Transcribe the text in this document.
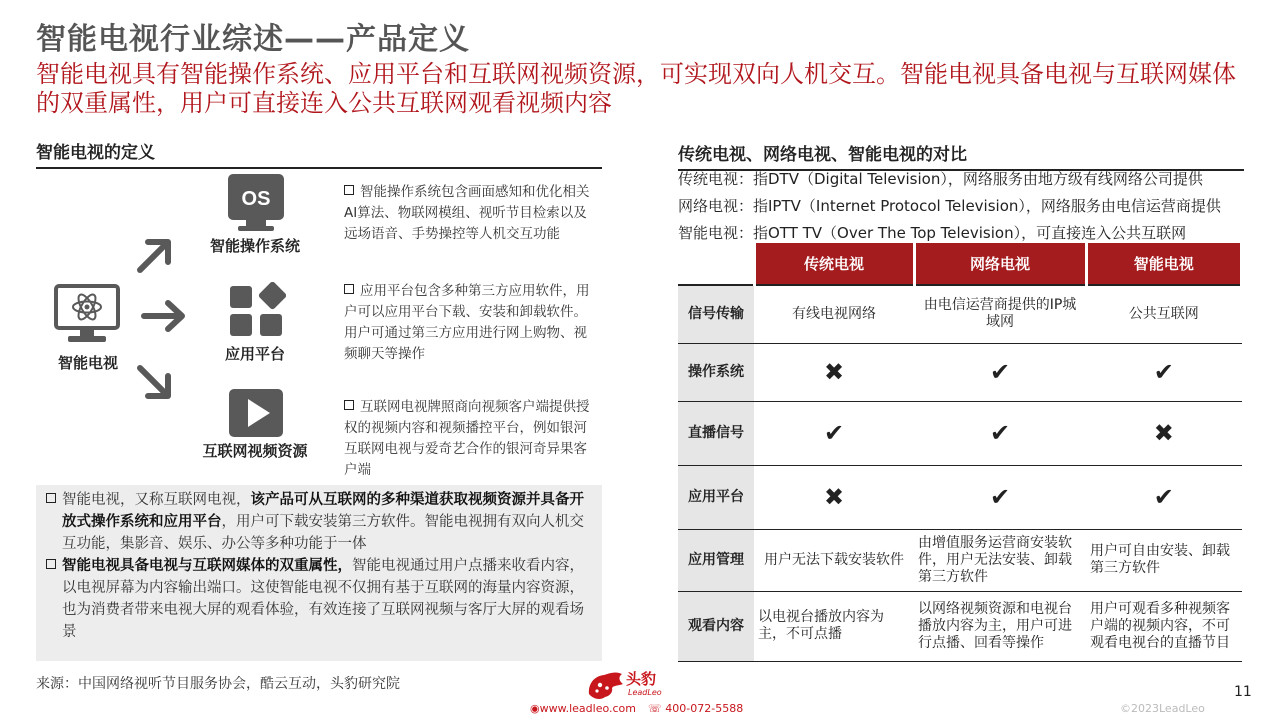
智能电视行业综述——产品定义
智能电视具有智能操作系统、应用平台和互联网视频资源，可实现双向人机交互。智能电视具备电视与互联网媒体的双重属性，用户可直接连入公共互联网观看视频内容
智能电视的定义
智能电视
OS
智能操作系统
应用平台
互联网视频资源
智能操作系统包含画面感知和优化相关AI算法、物联网模组、视听节目检索以及远场语音、手势操控等人机交互功能
应用平台包含多种第三方应用软件，用户可以应用平台下载、安装和卸载软件。用户可通过第三方应用进行网上购物、视频聊天等操作
互联网电视牌照商向视频客户端提供授权的视频内容和视频播控平台，例如银河互联网电视与爱奇艺合作的银河奇异果客户端

智能电视，又称互联网电视，该产品可从互联网的多种渠道获取视频资源并具备开放式操作系统和应用平台，用户可下载安装第三方软件。智能电视拥有双向人机交互功能，集影音、娱乐、办公等多种功能于一体

智能电视具备电视与互联网媒体的双重属性，智能电视通过用户点播来收看内容，以电视屏幕为内容输出端口。这使智能电视不仅拥有基于互联网的海量内容资源，也为消费者带来电视大屏的观看体验，有效连接了互联网视频与客厅大屏的观看场景

来源：中国网络视听节目服务协会，酷云互动，头豹研究院
传统电视、网络电视、智能电视的对比
传统电视：指DTV（Digital Television），网络服务由地方级有线网络公司提供
网络电视：指IPTV（Internet Protocol Television），网络服务由电信运营商提供
智能电视：指OTT TV（Over The Top Television），可直接连入公共互联网
	传统电视	网络电视	智能电视
信号传输	有线电视网络	由电信运营商提供的IP城域网	公共互联网
操作系统	✖	✔	✔
直播信号	✔	✔	✖
应用平台	✖	✔	✔
应用管理	用户无法下载安装软件	由增值服务运营商安装软件，用户无法安装、卸载第三方软件	用户可自由安装、卸载第三方软件
观看内容	以电视台播放内容为主，不可点播	以网络视频资源和电视台播放内容为主，用户可进行点播、回看等操作	用户可观看多种视频客户端的视频内容，不可观看电视台的直播节目
头豹
LeadLeo
◉www.leadleo.com ☏ 400-072-5588
11
©2023LeadLeo
